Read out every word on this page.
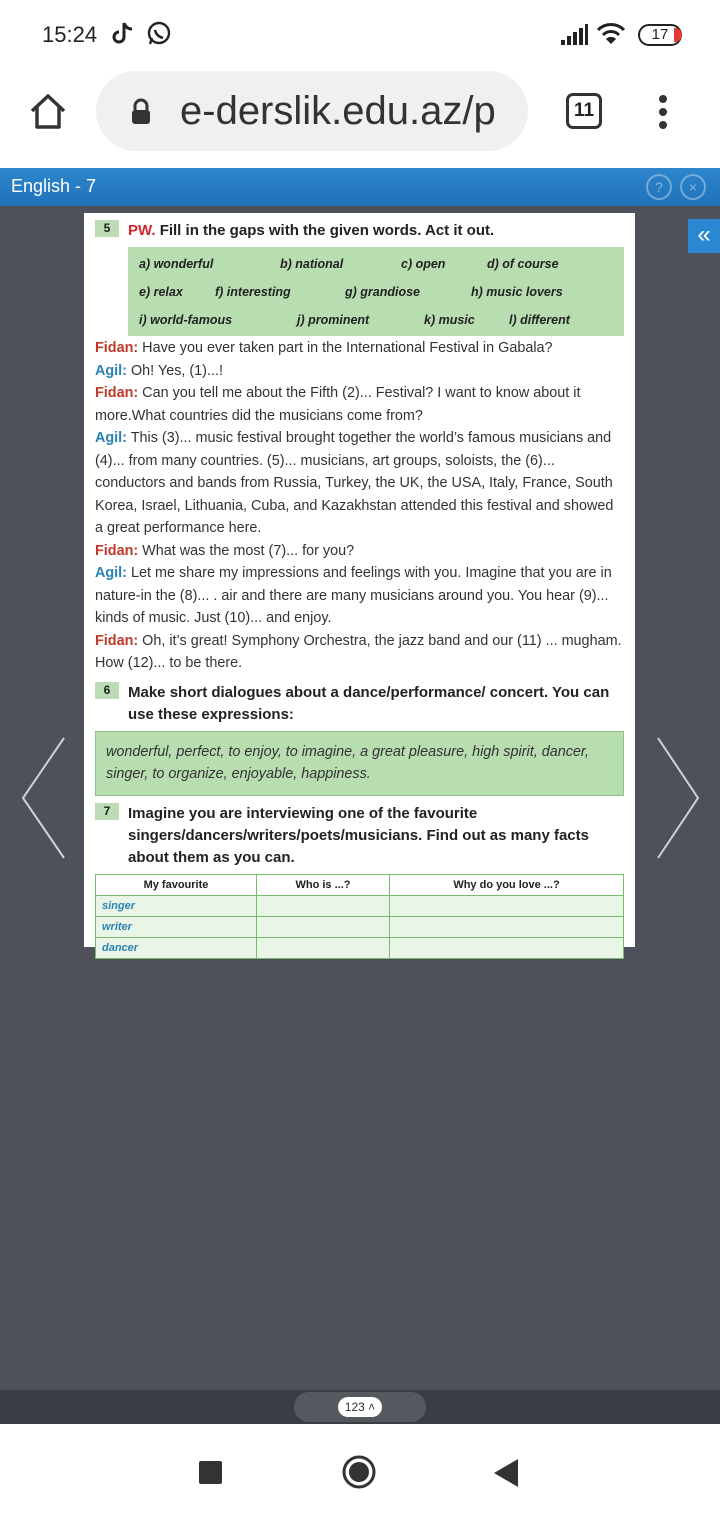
15:24	17
e-derslik.edu.az/p	11
English - 7	?	×
«
5	PW. Fill in the gaps with the given words. Act it out.
a) wonderful	b) national	c) open	d) of course
e) relax	f) interesting	g) grandiose	h) music lovers
i) world-famous	j) prominent	k) music	l) different
Fidan: Have you ever taken part in the International Festival in Gabala?
Agil: Oh! Yes, (1)...!
Fidan: Can you tell me about the Fifth (2)... Festival? I want to know about it more.What countries did the musicians come from?
Agil: This (3)... music festival brought together the world’s famous musicians and (4)... from many countries. (5)... musicians, art groups, soloists, the (6)... conductors and bands from Russia, Turkey, the UK, the USA, Italy, France, South Korea, Israel, Lithuania, Cuba, and Kazakhstan attended this festival and showed a great performance here.
Fidan: What was the most (7)... for you?
Agil: Let me share my impressions and feelings with you. Imagine that you are in nature-in the (8)... . air and there are many musicians around you. You hear (9)... kinds of music. Just (10)... and enjoy.
Fidan: Oh, it’s great! Symphony Orchestra, the jazz band and our (11) ... mugham. How (12)... to be there.
6	Make short dialogues about a dance/performance/ concert. You can use these expressions:
wonderful, perfect, to enjoy, to imagine, a great pleasure, high spirit, dancer, singer, to organize, enjoyable, happiness.
7	Imagine you are interviewing one of the favourite singers/dancers/writers/poets/musicians. Find out as many facts about them as you can.
My favourite	Who is ...?	Why do you love ...?
singer		
writer		
dancer		
123 ˄
